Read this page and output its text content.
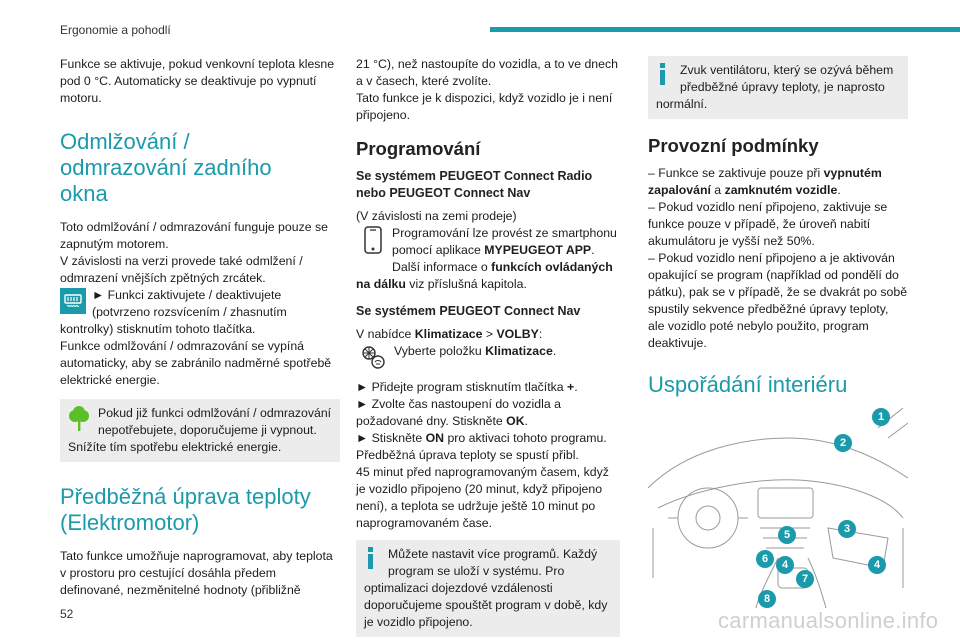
Ergonomie a pohodlí

Funkce se aktivuje, pokud venkovní teplota klesne pod 0 °C. Automaticky se deaktivuje po vypnutí motoru.

Odmlžování /
odmrazování zadního
okna

Toto odmlžování / odmrazování funguje pouze se zapnutým motorem.

V závislosti na verzi provede také odmlžení / odmrazení vnějších zpětných zrcátek.

► Funkci zaktivujete / deaktivujete (potvrzeno rozsvícením / zhasnutím kontrolky) stisknutím tohoto tlačítka.

Funkce odmlžování / odmrazování se vypíná automaticky, aby se zabránilo nadměrné spotřebě elektrické energie.

Pokud již funkci odmlžování / odmrazování nepotřebujete, doporučujeme ji vypnout. Snížíte tím spotřebu elektrické energie.
Předběžná úprava teploty
(Elektromotor)

Tato funkce umožňuje naprogramovat, aby teplota v prostoru pro cestující dosáhla předem definované, nezměnitelné hodnoty (přibližně

21 °C), než nastoupíte do vozidla, a to ve dnech a v časech, které zvolíte.

Tato funkce je k dispozici, když vozidlo je i není připojeno.

Programování

Se systémem PEUGEOT Connect Radio nebo PEUGEOT Connect Nav

(V závislosti na zemi prodeje)

Programování lze provést ze smartphonu pomocí aplikace MYPEUGEOT APP.

Další informace o funkcích ovládaných na dálku viz příslušná kapitola.

Se systémem PEUGEOT Connect Nav

V nabídce Klimatizace > VOLBY:

Vyberte položku Klimatizace.

► Přidejte program stisknutím tlačítka +.

► Zvolte čas nastoupení do vozidla a požadované dny. Stiskněte OK.

► Stiskněte ON pro aktivaci tohoto programu.

Předběžná úprava teploty se spustí přibl.

45 minut před naprogramovaným časem, když je vozidlo připojeno (20 minut, když připojeno není), a teplota se udržuje ještě 10 minut po naprogramovaném čase.

Můžete nastavit více programů. Každý program se uloží v systému. Pro optimalizaci dojezdové vzdálenosti doporučujeme spouštět program v době, kdy je vozidlo připojeno.
Zvuk ventilátoru, který se ozývá během předběžné úpravy teploty, je naprosto normální.
Provozní podmínky

– Funkce se zaktivuje pouze při vypnutém zapalování a zamknutém vozidle.

– Pokud vozidlo není připojeno, zaktivuje se funkce pouze v případě, že úroveň nabití akumulátoru je vyšší než 50%.

– Pokud vozidlo není připojeno a je aktivován opakující se program (například od pondělí do pátku), pak se v případě, že se dvakrát po sobě spustily sekvence předběžné úpravy teploty, ale vozidlo poté nebylo použito, program deaktivuje.

Uspořádání interiéru
1
2
3
4
5
6
7
8
4
52	carmanualsonline.info
